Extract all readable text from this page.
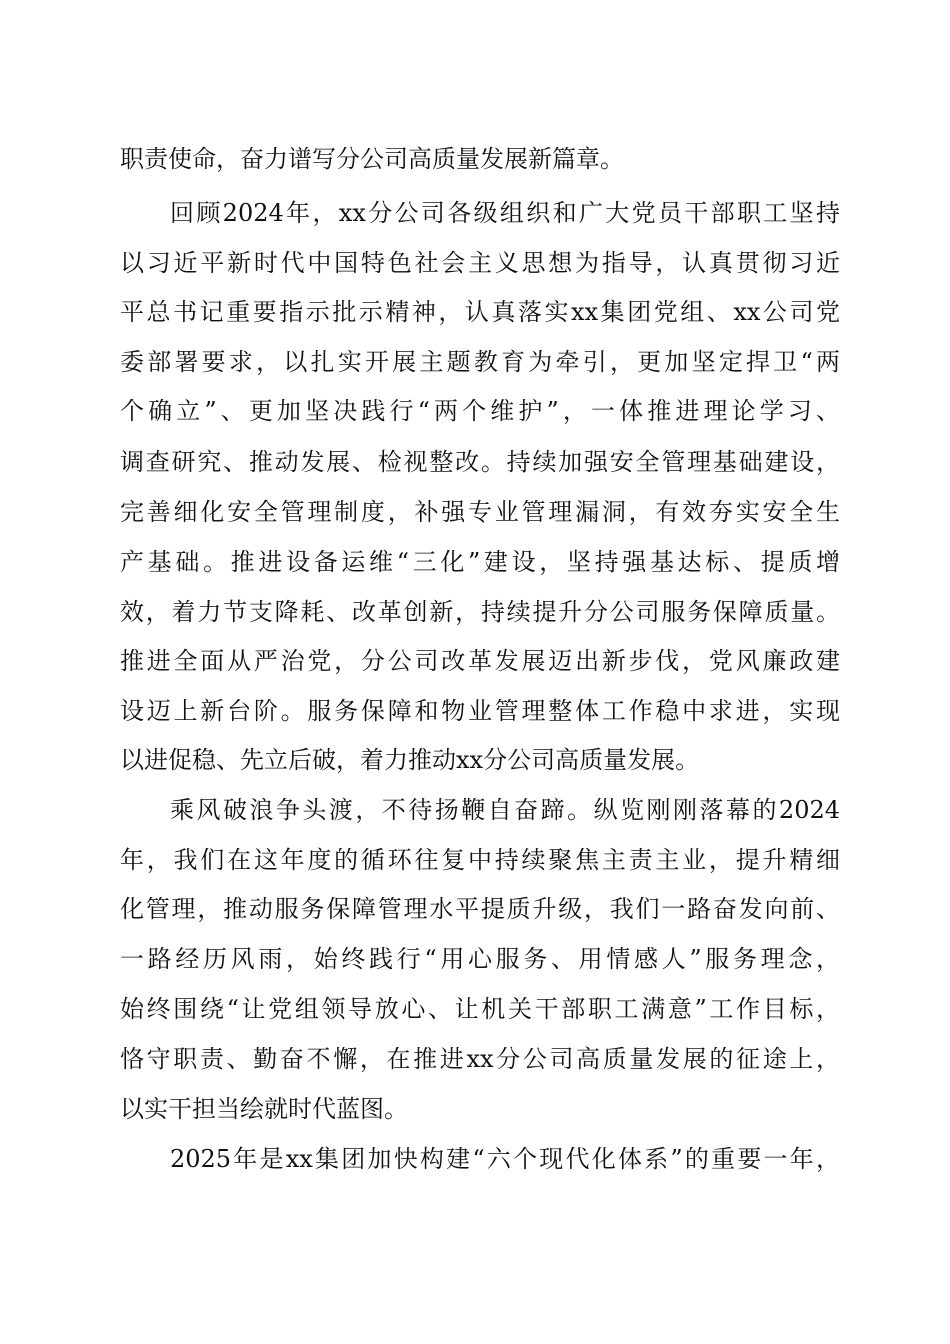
职责使命，奋力谱写分公司高质量发展新篇章。
回顾2024年，xx分公司各级组织和广大党员干部职工坚持
以习近平新时代中国特色社会主义思想为指导，认真贯彻习近
平总书记重要指示批示精神，认真落实xx集团党组、xx公司党
委部署要求，以扎实开展主题教育为牵引，更加坚定捍卫“两
个确立”、更加坚决践行“两个维护”，一体推进理论学习、
调查研究、推动发展、检视整改。持续加强安全管理基础建设，
完善细化安全管理制度，补强专业管理漏洞，有效夯实安全生
产基础。推进设备运维“三化”建设，坚持强基达标、提质增
效，着力节支降耗、改革创新，持续提升分公司服务保障质量。
推进全面从严治党，分公司改革发展迈出新步伐，党风廉政建
设迈上新台阶。服务保障和物业管理整体工作稳中求进，实现
以进促稳、先立后破，着力推动xx分公司高质量发展。
乘风破浪争头渡，不待扬鞭自奋蹄。纵览刚刚落幕的2024
年，我们在这年度的循环往复中持续聚焦主责主业，提升精细
化管理，推动服务保障管理水平提质升级，我们一路奋发向前、
一路经历风雨，始终践行“用心服务、用情感人”服务理念，
始终围绕“让党组领导放心、让机关干部职工满意”工作目标，
恪守职责、勤奋不懈，在推进xx分公司高质量发展的征途上，
以实干担当绘就时代蓝图。
2025年是xx集团加快构建“六个现代化体系”的重要一年，
